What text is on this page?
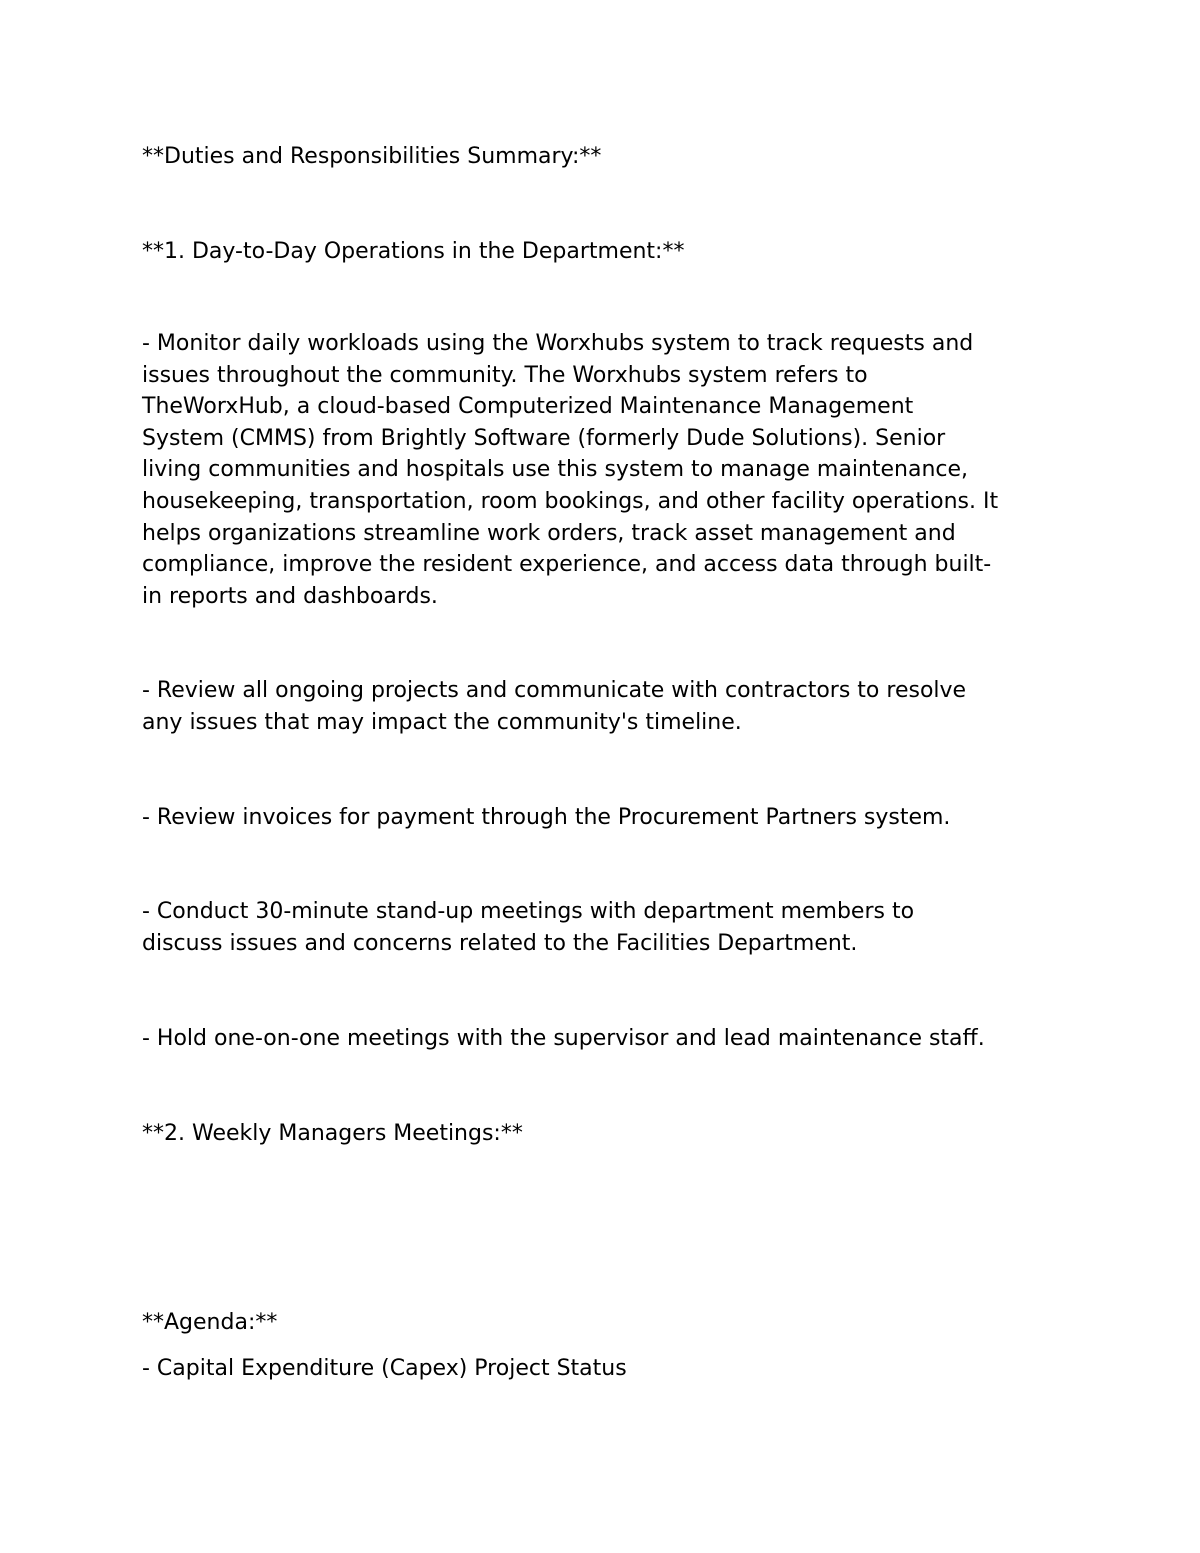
**Duties and Responsibilities Summary:**

**1. Day-to-Day Operations in the Department:**

- Monitor daily workloads using the Worxhubs system to track requests and
issues throughout the community. The Worxhubs system refers to
TheWorxHub, a cloud-based Computerized Maintenance Management
System (CMMS) from Brightly Software (formerly Dude Solutions). Senior
living communities and hospitals use this system to manage maintenance,
housekeeping, transportation, room bookings, and other facility operations. It
helps organizations streamline work orders, track asset management and
compliance, improve the resident experience, and access data through built-
in reports and dashboards.
- Review all ongoing projects and communicate with contractors to resolve
any issues that may impact the community's timeline.

- Review invoices for payment through the Procurement Partners system.

- Conduct 30-minute stand-up meetings with department members to
discuss issues and concerns related to the Facilities Department.

- Hold one-on-one meetings with the supervisor and lead maintenance staff.

**2. Weekly Managers Meetings:**

**Agenda:**

- Capital Expenditure (Capex) Project Status
